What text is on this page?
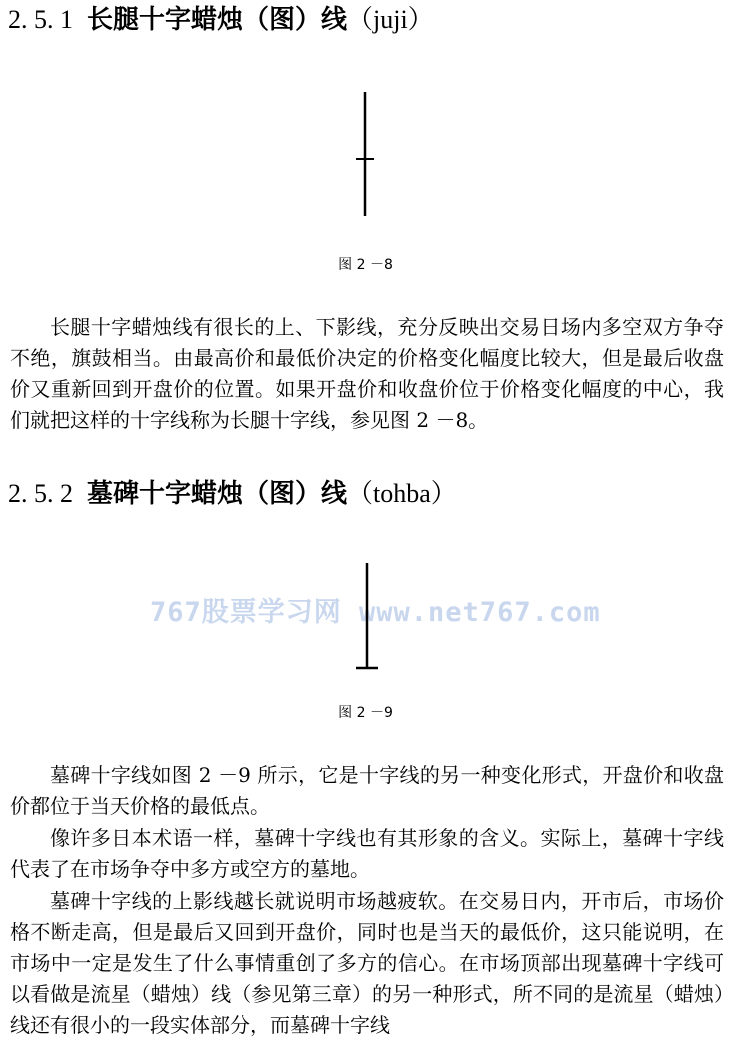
2. 5. 1 长腿十字蜡烛（图）线（juji）
图 2 －8

长腿十字蜡烛线有很长的上、下影线，充分反映出交易日场内多空双方争夺不绝，旗鼓相当。由最高价和最低价决定的价格变化幅度比较大，但是最后收盘价又重新回到开盘价的位置。如果开盘价和收盘价位于价格变化幅度的中心，我们就把这样的十字线称为长腿十字线，参见图 2 －8。

2. 5. 2 墓碑十字蜡烛（图）线（tohba）
767股票学习网 www.net767.com
图 2 －9

墓碑十字线如图 2 －9 所示，它是十字线的另一种变化形式，开盘价和收盘价都位于当天价格的最低点。

像许多日本术语一样，墓碑十字线也有其形象的含义。实际上，墓碑十字线代表了在市场争夺中多方或空方的墓地。

墓碑十字线的上影线越长就说明市场越疲软。在交易日内，开市后，市场价格不断走高，但是最后又回到开盘价，同时也是当天的最低价，这只能说明，在市场中一定是发生了什么事情重创了多方的信心。在市场顶部出现墓碑十字线可以看做是流星（蜡烛）线（参见第三章）的另一种形式，所不同的是流星（蜡烛）线还有很小的一段实体部分，而墓碑十字线
